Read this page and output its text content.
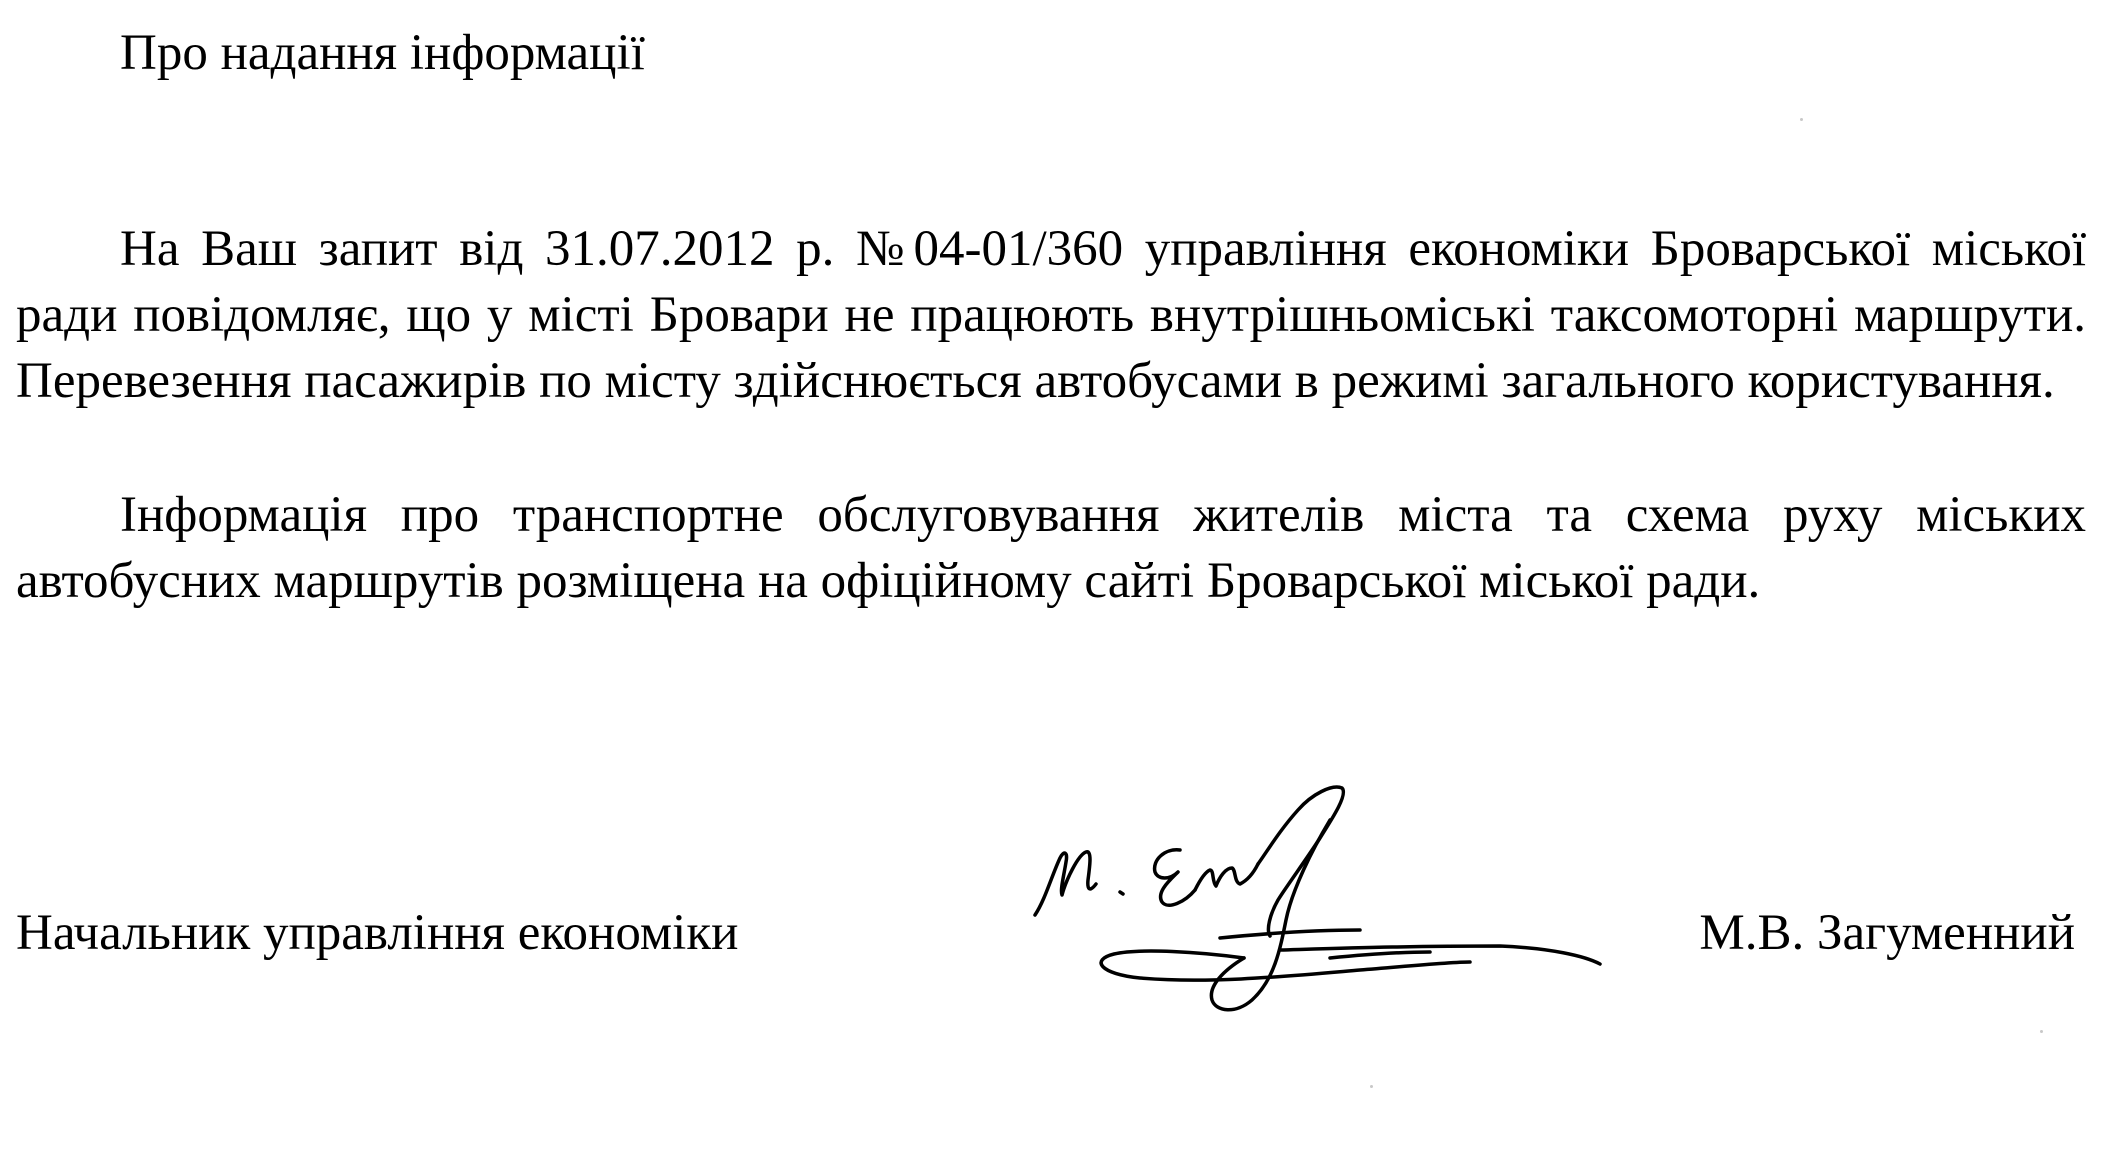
Про надання інформації

На Ваш запит від 31.07.2012 р. №04-01/360 управління економіки Броварської міської ради повідомляє, що у місті Бровари не працюють внутрішньоміські таксомоторні маршрути. Перевезення пасажирів по місту здійснюється автобусами в режимі загального користування.

Інформація про транспортне обслуговування жителів міста та схема руху міських автобусних маршрутів розміщена на офіційному сайті Броварської міської ради.

Начальник управління економіки	М.В. Загуменний
